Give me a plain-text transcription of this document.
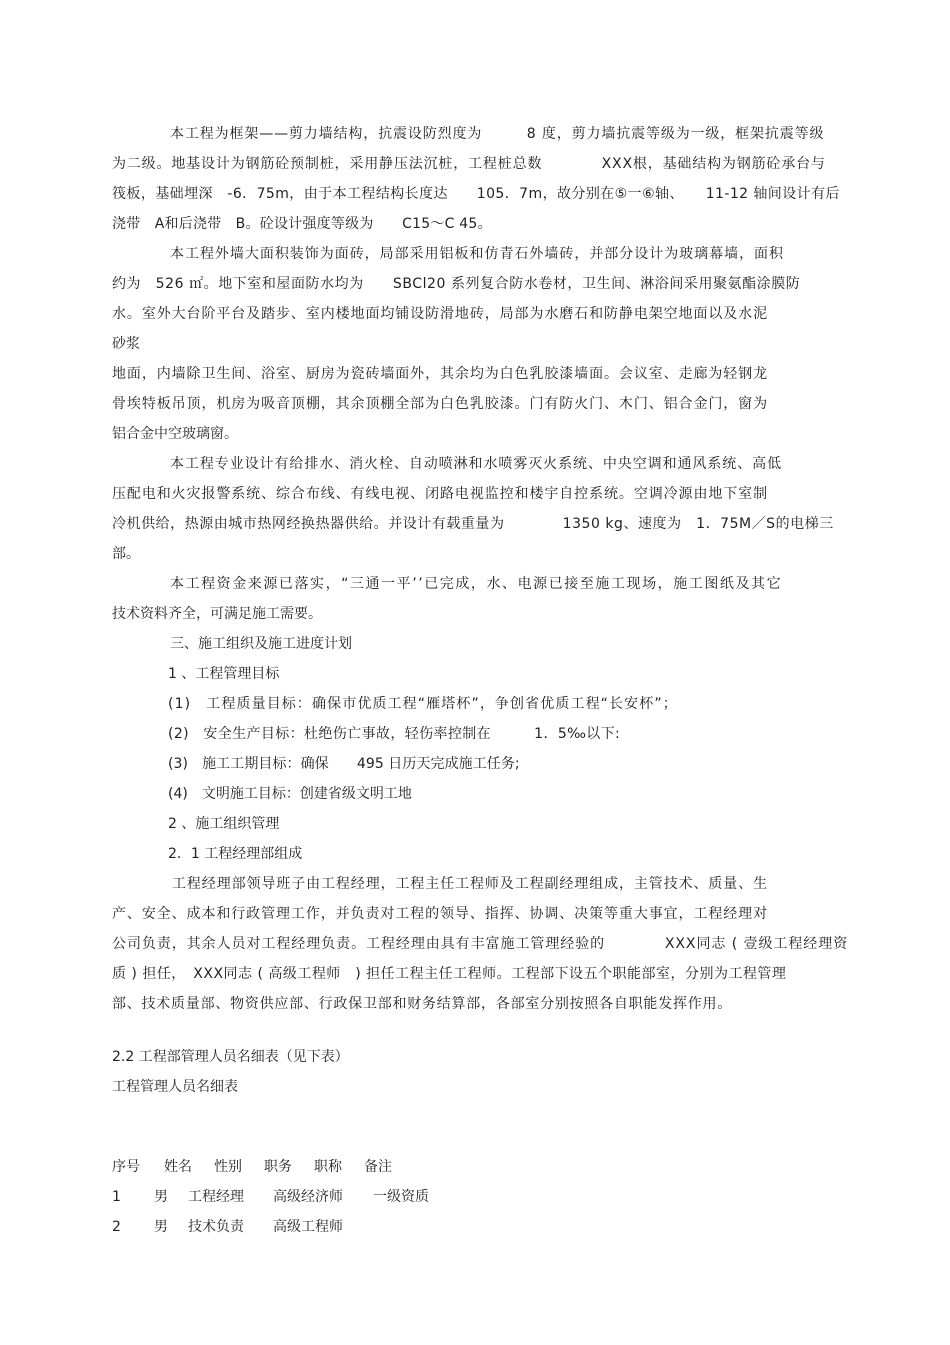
本工程为框架——剪力墙结构，抗震设防烈度为　　　8 度，剪力墙抗震等级为一级，框架抗震等级
为二级。地基设计为钢筋砼预制桩，采用静压法沉桩，工程桩总数　　　　XXX根，基础结构为钢筋砼承台与
筏板，基础埋深　-6．75m，由于本工程结构长度达　　105．7m，故分别在⑤一⑥轴、　　11-12 轴间设计有后
浇带　A和后浇带　B。砼设计强度等级为　　C15～C 45。
本工程外墙大面积装饰为面砖，局部采用铝板和仿青石外墙砖，并部分设计为玻璃幕墙，面积
约为　526 ㎡。地下室和屋面防水均为　　SBCl20 系列复合防水卷材，卫生间、淋浴间采用聚氨酯涂膜防
水。室外大台阶平台及踏步、室内楼地面均铺设防滑地砖，局部为水磨石和防静电架空地面以及水泥
砂浆
地面，内墙除卫生间、浴室、厨房为瓷砖墙面外，其余均为白色乳胶漆墙面。会议室、走廊为轻钢龙
骨埃特板吊顶，机房为吸音顶棚，其余顶棚全部为白色乳胶漆。门有防火门、木门、铝合金门，窗为
铝合金中空玻璃窗。
本工程专业设计有给排水、消火栓、自动喷淋和水喷雾灭火系统、中央空调和通风系统、高低
压配电和火灾报警系统、综合布线、有线电视、闭路电视监控和楼宇自控系统。空调冷源由地下室制
冷机供给，热源由城市热网经换热器供给。并设计有载重量为　　　　1350 kg、速度为　1．75M／S的电梯三
部。
本工程资金来源已落实，“三通一平’’已完成，水、电源已接至施工现场，施工图纸及其它
技术资料齐全，可满足施工需要。
三、施工组织及施工进度计划
1 、工程管理目标
(1)　工程质量目标：确保市优质工程“雁塔杯”，争创省优质工程“长安杯”；
(2)　安全生产目标：杜绝伤亡事故，轻伤率控制在　　　1．5‰以下:
(3)　施工工期目标：确保　　495 日历天完成施工任务;
(4)　文明施工目标：创建省级文明工地
2 、施工组织管理
2．1 工程经理部组成
工程经理部领导班子由工程经理，工程主任工程师及工程副经理组成，主管技术、质量、生
产、安全、成本和行政管理工作，并负责对工程的领导、指挥、协调、决策等重大事宜，工程经理对
公司负责，其余人员对工程经理负责。工程经理由具有丰富施工管理经验的　　　　XXX同志 ( 壹级工程经理资
质 ) 担任，　XXX同志 ( 高级工程师　) 担任工程主任工程师。工程部下设五个职能部室，分别为工程管理
部、技术质量部、物资供应部、行政保卫部和财务结算部，各部室分别按照各自职能发挥作用。
2.2 工程部管理人员名细表（见下表）
工程管理人员名细表
序号 姓名 性别 职务 职称 备注
1 男 工程经理 高级经济师 一级资质
2 男 技术负责 高级工程师
